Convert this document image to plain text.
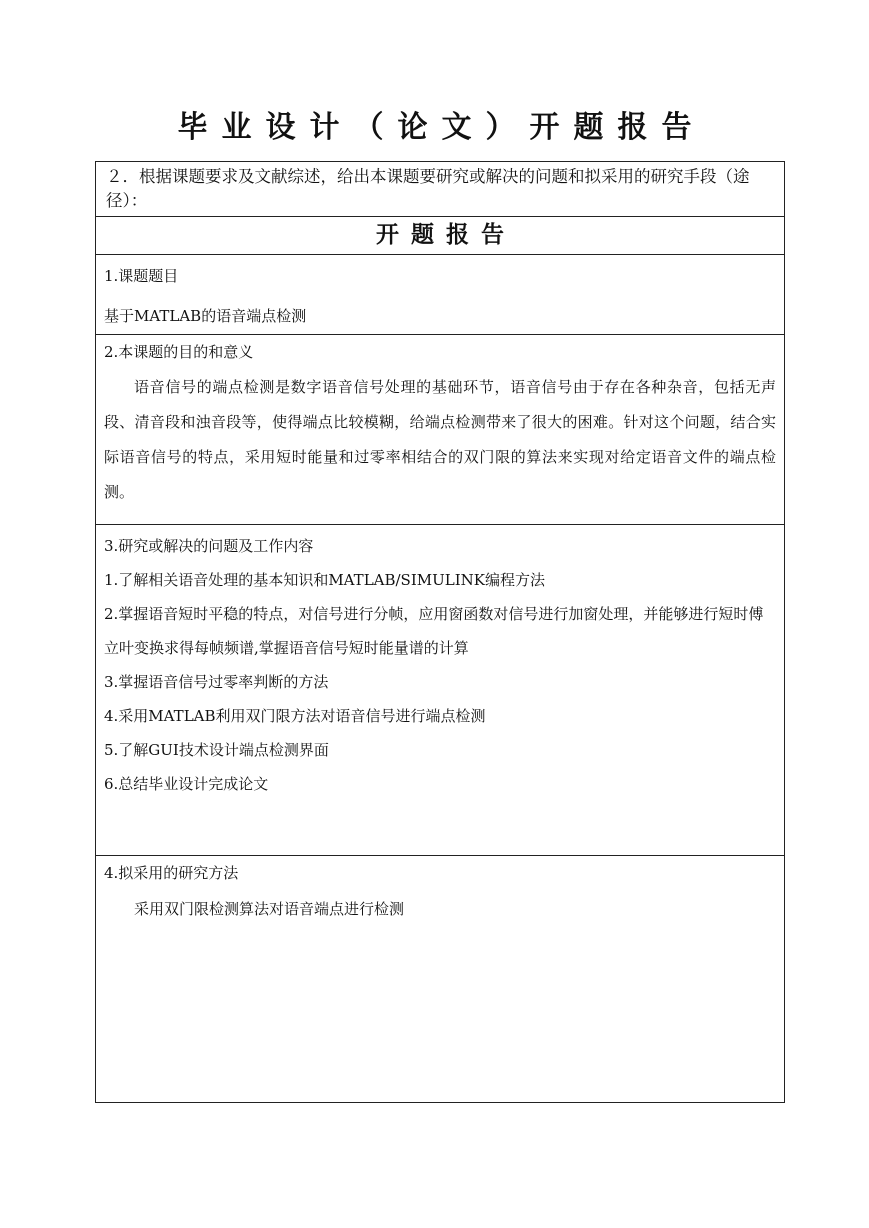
毕业设计（论文）开题报告
２．根据课题要求及文献综述，给出本课题要研究或解决的问题和拟采用的研究手段（途径）：
开题报告
1.课题题目
基于MATLAB的语音端点检测
2.本课题的目的和意义
语音信号的端点检测是数字语音信号处理的基础环节，语音信号由于存在各种杂音，包括无声段、清音段和浊音段等，使得端点比较模糊，给端点检测带来了很大的困难。针对这个问题，结合实际语音信号的特点，采用短时能量和过零率相结合的双门限的算法来实现对给定语音文件的端点检测。
3.研究或解决的问题及工作内容
1.了解相关语音处理的基本知识和MATLAB/SIMULINK编程方法
2.掌握语音短时平稳的特点，对信号进行分帧，应用窗函数对信号进行加窗处理，并能够进行短时傅立叶变换求得每帧频谱,掌握语音信号短时能量谱的计算
3.掌握语音信号过零率判断的方法
4.采用MATLAB利用双门限方法对语音信号进行端点检测
5.了解GUI技术设计端点检测界面
6.总结毕业设计完成论文
4.拟采用的研究方法
采用双门限检测算法对语音端点进行检测
